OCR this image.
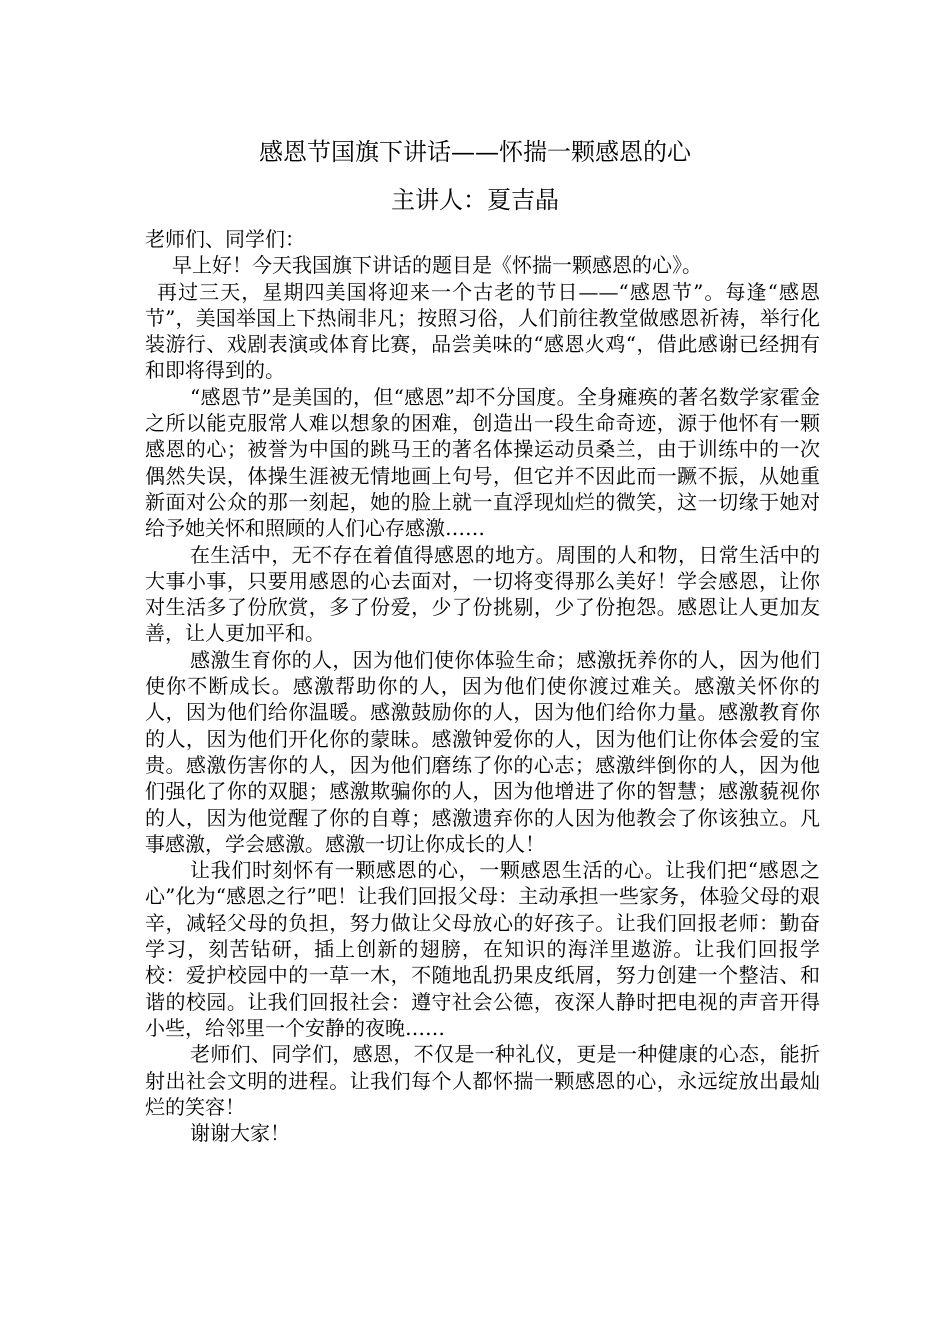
感恩节国旗下讲话——怀揣一颗感恩的心
主讲人：夏吉晶

老师们、同学们：

早上好！今天我国旗下讲话的题目是《怀揣一颗感恩的心》。

再过三天，星期四美国将迎来一个古老的节日——“感恩节”。每逢“感恩节”，美国举国上下热闹非凡；按照习俗，人们前往教堂做感恩祈祷，举行化装游行、戏剧表演或体育比赛，品尝美味的“感恩火鸡“，借此感谢已经拥有和即将得到的。

“感恩节”是美国的，但“感恩”却不分国度。全身瘫痪的著名数学家霍金之所以能克服常人难以想象的困难，创造出一段生命奇迹，源于他怀有一颗感恩的心；被誉为中国的跳马王的著名体操运动员桑兰，由于训练中的一次偶然失误，体操生涯被无情地画上句号，但它并不因此而一蹶不振，从她重新面对公众的那一刻起，她的脸上就一直浮现灿烂的微笑，这一切缘于她对给予她关怀和照顾的人们心存感激……

在生活中，无不存在着值得感恩的地方。周围的人和物，日常生活中的大事小事，只要用感恩的心去面对，一切将变得那么美好！学会感恩，让你对生活多了份欣赏，多了份爱，少了份挑剔，少了份抱怨。感恩让人更加友善，让人更加平和。

感激生育你的人，因为他们使你体验生命；感激抚养你的人，因为他们使你不断成长。感激帮助你的人，因为他们使你渡过难关。感激关怀你的人，因为他们给你温暖。感激鼓励你的人，因为他们给你力量。感激教育你的人，因为他们开化你的蒙昧。感激钟爱你的人，因为他们让你体会爱的宝贵。感激伤害你的人，因为他们磨练了你的心志；感激绊倒你的人，因为他们强化了你的双腿；感激欺骗你的人，因为他增进了你的智慧；感激藐视你的人，因为他觉醒了你的自尊；感激遗弃你的人因为他教会了你该独立。凡事感激，学会感激。感激一切让你成长的人！

让我们时刻怀有一颗感恩的心，一颗感恩生活的心。让我们把“感恩之心”化为“感恩之行”吧！让我们回报父母：主动承担一些家务，体验父母的艰辛，减轻父母的负担，努力做让父母放心的好孩子。让我们回报老师：勤奋学习，刻苦钻研，插上创新的翅膀，在知识的海洋里遨游。让我们回报学校：爱护校园中的一草一木，不随地乱扔果皮纸屑，努力创建一个整洁、和谐的校园。让我们回报社会：遵守社会公德，夜深人静时把电视的声音开得小些，给邻里一个安静的夜晚……

老师们、同学们，感恩，不仅是一种礼仪，更是一种健康的心态，能折射出社会文明的进程。让我们每个人都怀揣一颗感恩的心，永远绽放出最灿烂的笑容！

谢谢大家！
